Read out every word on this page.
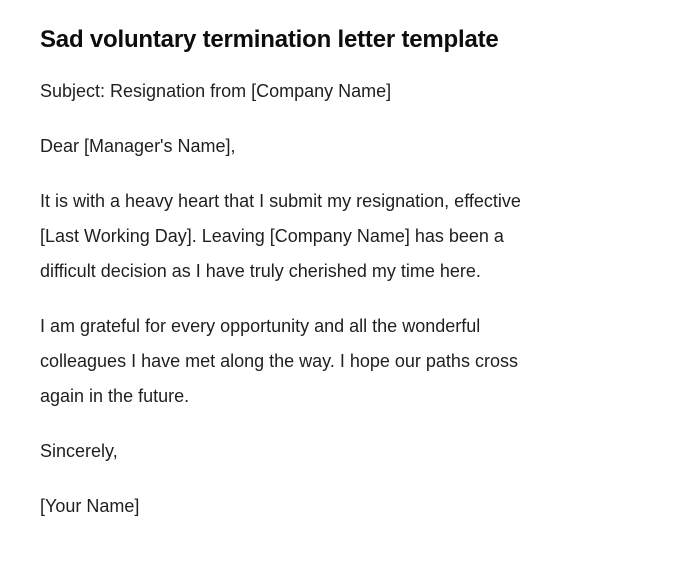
Sad voluntary termination letter template

Subject: Resignation from [Company Name]

Dear [Manager's Name],

It is with a heavy heart that I submit my resignation, effective
[Last Working Day]. Leaving [Company Name] has been a
difficult decision as I have truly cherished my time here.

I am grateful for every opportunity and all the wonderful
colleagues I have met along the way. I hope our paths cross
again in the future.

Sincerely,

[Your Name]
